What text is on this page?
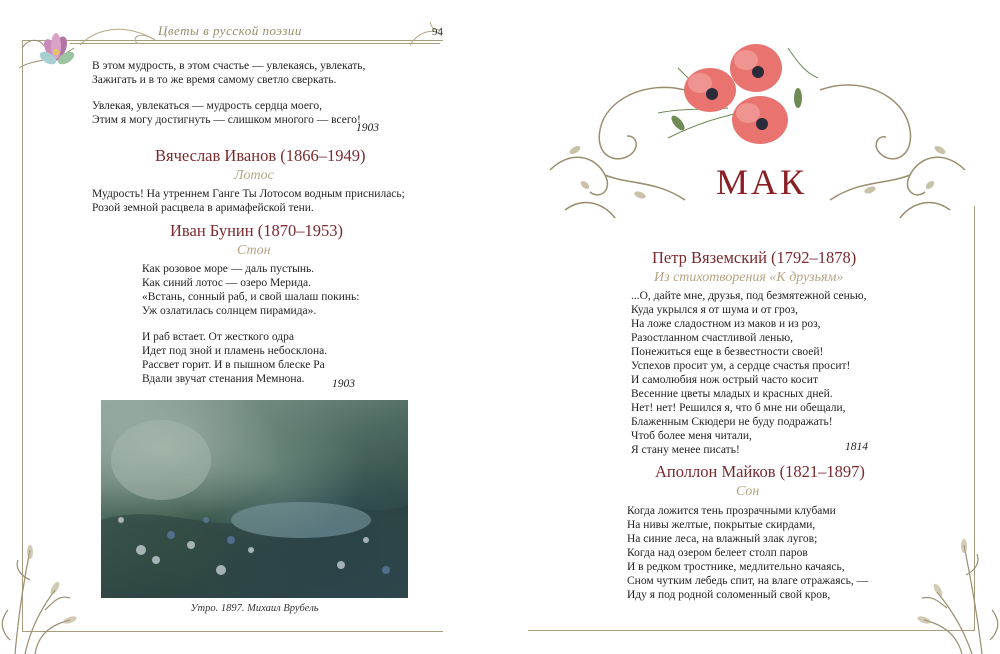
Цветы в русской поэзии	94
В этом мудрость, в этом счастье — увлекаясь, увлекать,
Зажигать и в то же время самому светло сверкать.
Увлекая, увлекаться — мудрость сердца моего,
Этим я могу достигнуть — слишком многого — всего!
1903
Вячеслав Иванов (1866–1949)
Лотос
Мудрость! На утреннем Ганге Ты Лотосом водным приснилась;
Розой земной расцвела в аримафейской тени.
Иван Бунин (1870–1953)
Стон
Как розовое море — даль пустынь.
Как синий лотос — озеро Мерида.
«Встань, сонный раб, и свой шалаш покинь:
Уж озлатилась солнцем пирамида».
И раб встает. От жесткого одра
Идет под зной и пламень небосклона.
Рассвет горит. И в пышном блеске Ра
Вдали звучат стенания Мемнона.	1903
Утро. 1897. Михаил Врубель
МАК
Петр Вяземский (1792–1878)
Из стихотворения «К друзьям»
...О, дайте мне, друзья, под безмятежной сенью,
Куда укрылся я от шума и от гроз,
На ложе сладостном из маков и из роз,
Разостланном счастливой ленью,
Понежиться еще в безвестности своей!
Успехов просит ум, а сердце счастья просит!
И самолюбия нож острый часто косит
Весенние цветы младых и красных дней.
Нет! нет! Решился я, что б мне ни обещали,
Блаженным Скюдери не буду подражать!
Чтоб более меня читали,
Я стану менее писать!	1814
Аполлон Майков (1821–1897)
Сон
Когда ложится тень прозрачными клубами
На нивы желтые, покрытые скирдами,
На синие леса, на влажный злак лугов;
Когда над озером белеет столп паров
И в редком тростнике, медлительно качаясь,
Сном чутким лебедь спит, на влаге отражаясь, —
Иду я под родной соломенный свой кров,
